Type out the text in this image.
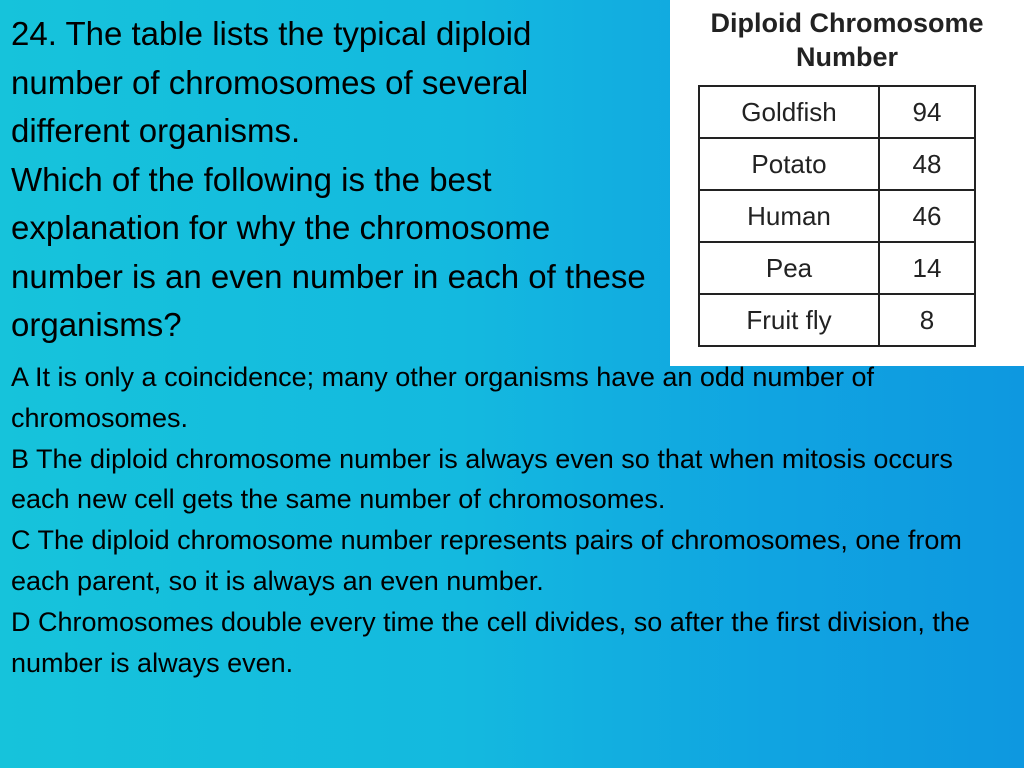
24. The table lists the typical diploid number of chromosomes of several different organisms.

Which of the following is the best explanation for why the chromosome number is an even number in each of these organisms?

Diploid Chromosome Number
Goldfish	94
Potato	48
Human	46
Pea	14
Fruit fly	8

A It is only a coincidence; many other organisms have an odd number of chromosomes.

B The diploid chromosome number is always even so that when mitosis occurs each new cell gets the same number of chromosomes.

C The diploid chromosome number represents pairs of chromosomes, one from each parent, so it is always an even number.

D Chromosomes double every time the cell divides, so after the first division, the number is always even.
